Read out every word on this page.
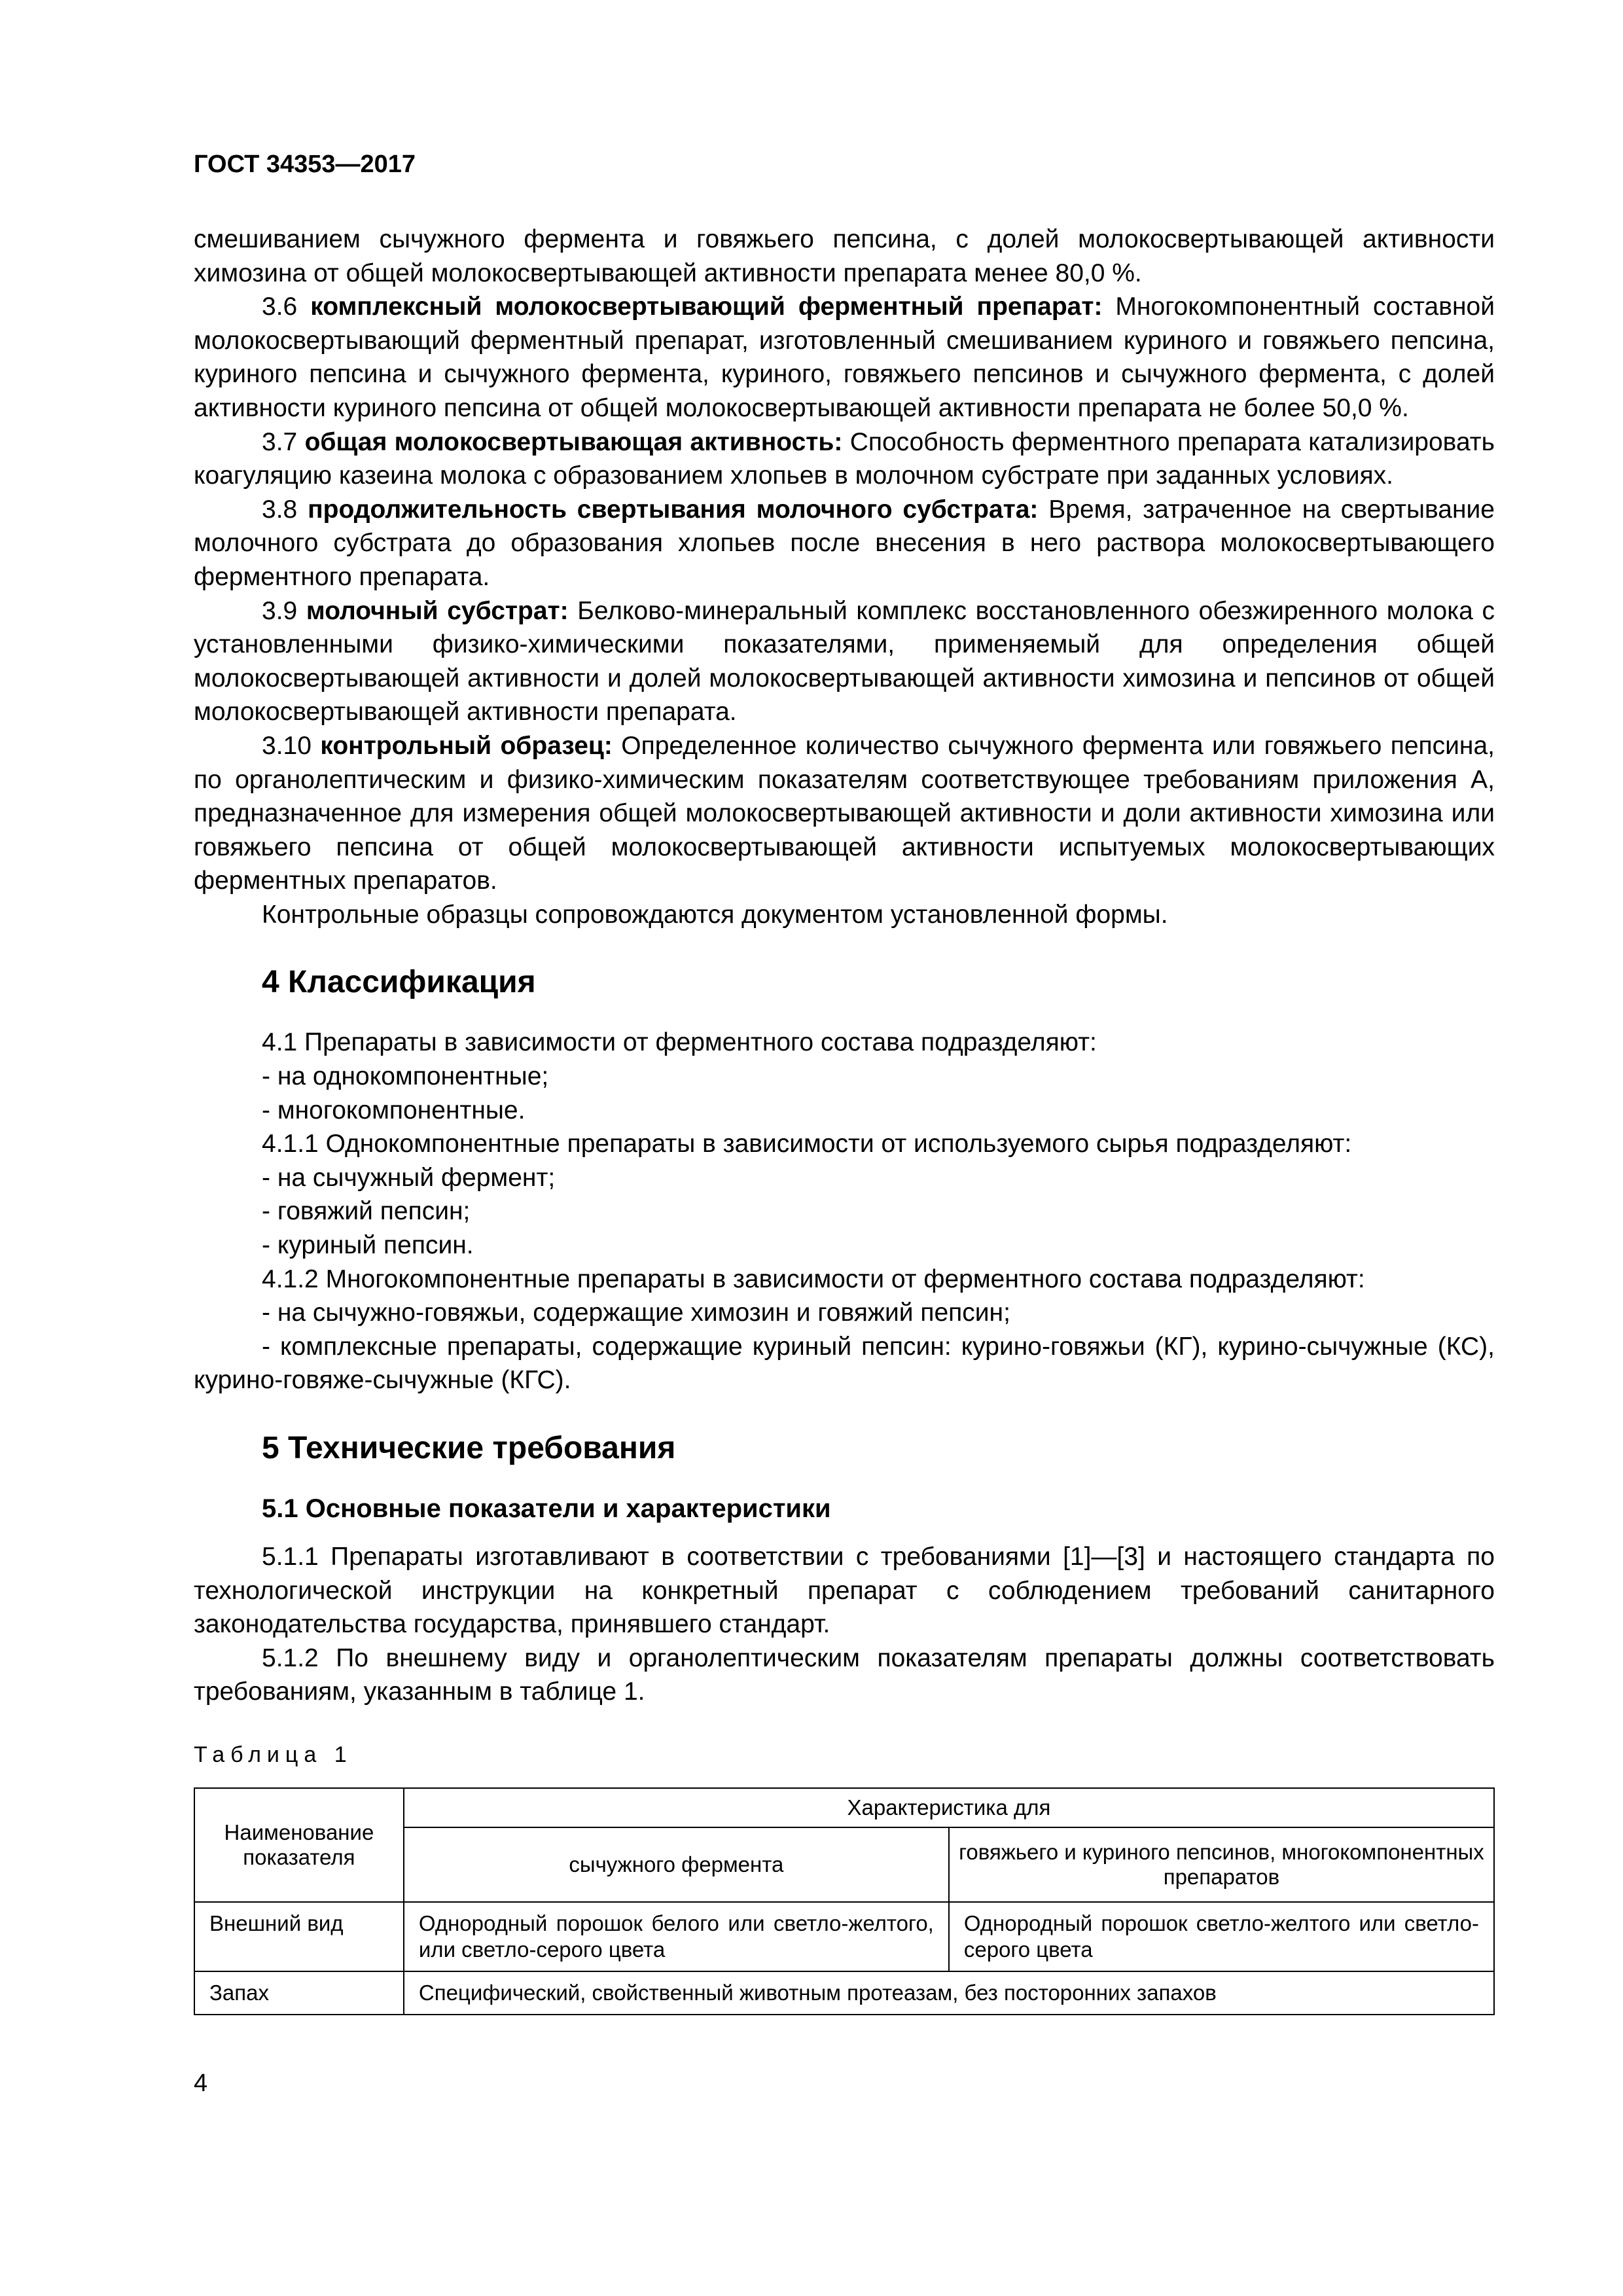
ГОСТ 34353—2017

смешиванием сычужного фермента и говяжьего пепсина, с долей молокосвертывающей активности химозина от общей молокосвертывающей активности препарата менее 80,0 %.

3.6 комплексный молокосвертывающий ферментный препарат: Многокомпонентный составной молокосвертывающий ферментный препарат, изготовленный смешиванием куриного и говяжьего пепсина, куриного пепсина и сычужного фермента, куриного, говяжьего пепсинов и сычужного фермента, с долей активности куриного пепсина от общей молокосвертывающей активности препарата не более 50,0 %.

3.7 общая молокосвертывающая активность: Способность ферментного препарата катализировать коагуляцию казеина молока с образованием хлопьев в молочном субстрате при заданных условиях.

3.8 продолжительность свертывания молочного субстрата: Время, затраченное на свертывание молочного субстрата до образования хлопьев после внесения в него раствора молокосвертывающего ферментного препарата.

3.9 молочный субстрат: Белково-минеральный комплекс восстановленного обезжиренного молока с установленными физико-химическими показателями, применяемый для определения общей молокосвертывающей активности и долей молокосвертывающей активности химозина и пепсинов от общей молокосвертывающей активности препарата.

3.10 контрольный образец: Определенное количество сычужного фермента или говяжьего пепсина, по органолептическим и физико-химическим показателям соответствующее требованиям приложения А, предназначенное для измерения общей молокосвертывающей активности и доли активности химозина или говяжьего пепсина от общей молокосвертывающей активности испытуемых молокосвертывающих ферментных препаратов.

Контрольные образцы сопровождаются документом установленной формы.

4 Классификация

4.1 Препараты в зависимости от ферментного состава подразделяют:

- на однокомпонентные;

- многокомпонентные.

4.1.1 Однокомпонентные препараты в зависимости от используемого сырья подразделяют:

- на сычужный фермент;

- говяжий пепсин;

- куриный пепсин.

4.1.2 Многокомпонентные препараты в зависимости от ферментного состава подразделяют:

- на сычужно-говяжьи, содержащие химозин и говяжий пепсин;

- комплексные препараты, содержащие куриный пепсин: курино-говяжьи (КГ), курино-сычужные (КС), курино-говяже-сычужные (КГС).

5 Технические требования
5.1 Основные показатели и характеристики

5.1.1 Препараты изготавливают в соответствии с требованиями [1]—[3] и настоящего стандарта по технологической инструкции на конкретный препарат с соблюдением требований санитарного законодательства государства, принявшего стандарт.

5.1.2 По внешнему виду и органолептическим показателям препараты должны соответствовать требованиям, указанным в таблице 1.

Таблица 1
Наименование показателя	Характеристика для	
	сычужного фермента	говяжьего и куриного пепсинов, многокомпонентных препаратов
Внешний вид	Однородный порошок белого или светло-желтого, или светло-серого цвета	Однородный порошок светло-желтого или светло-серого цвета
Запах	Специфический, свойственный животным протеазам, без посторонних запахов	
4
